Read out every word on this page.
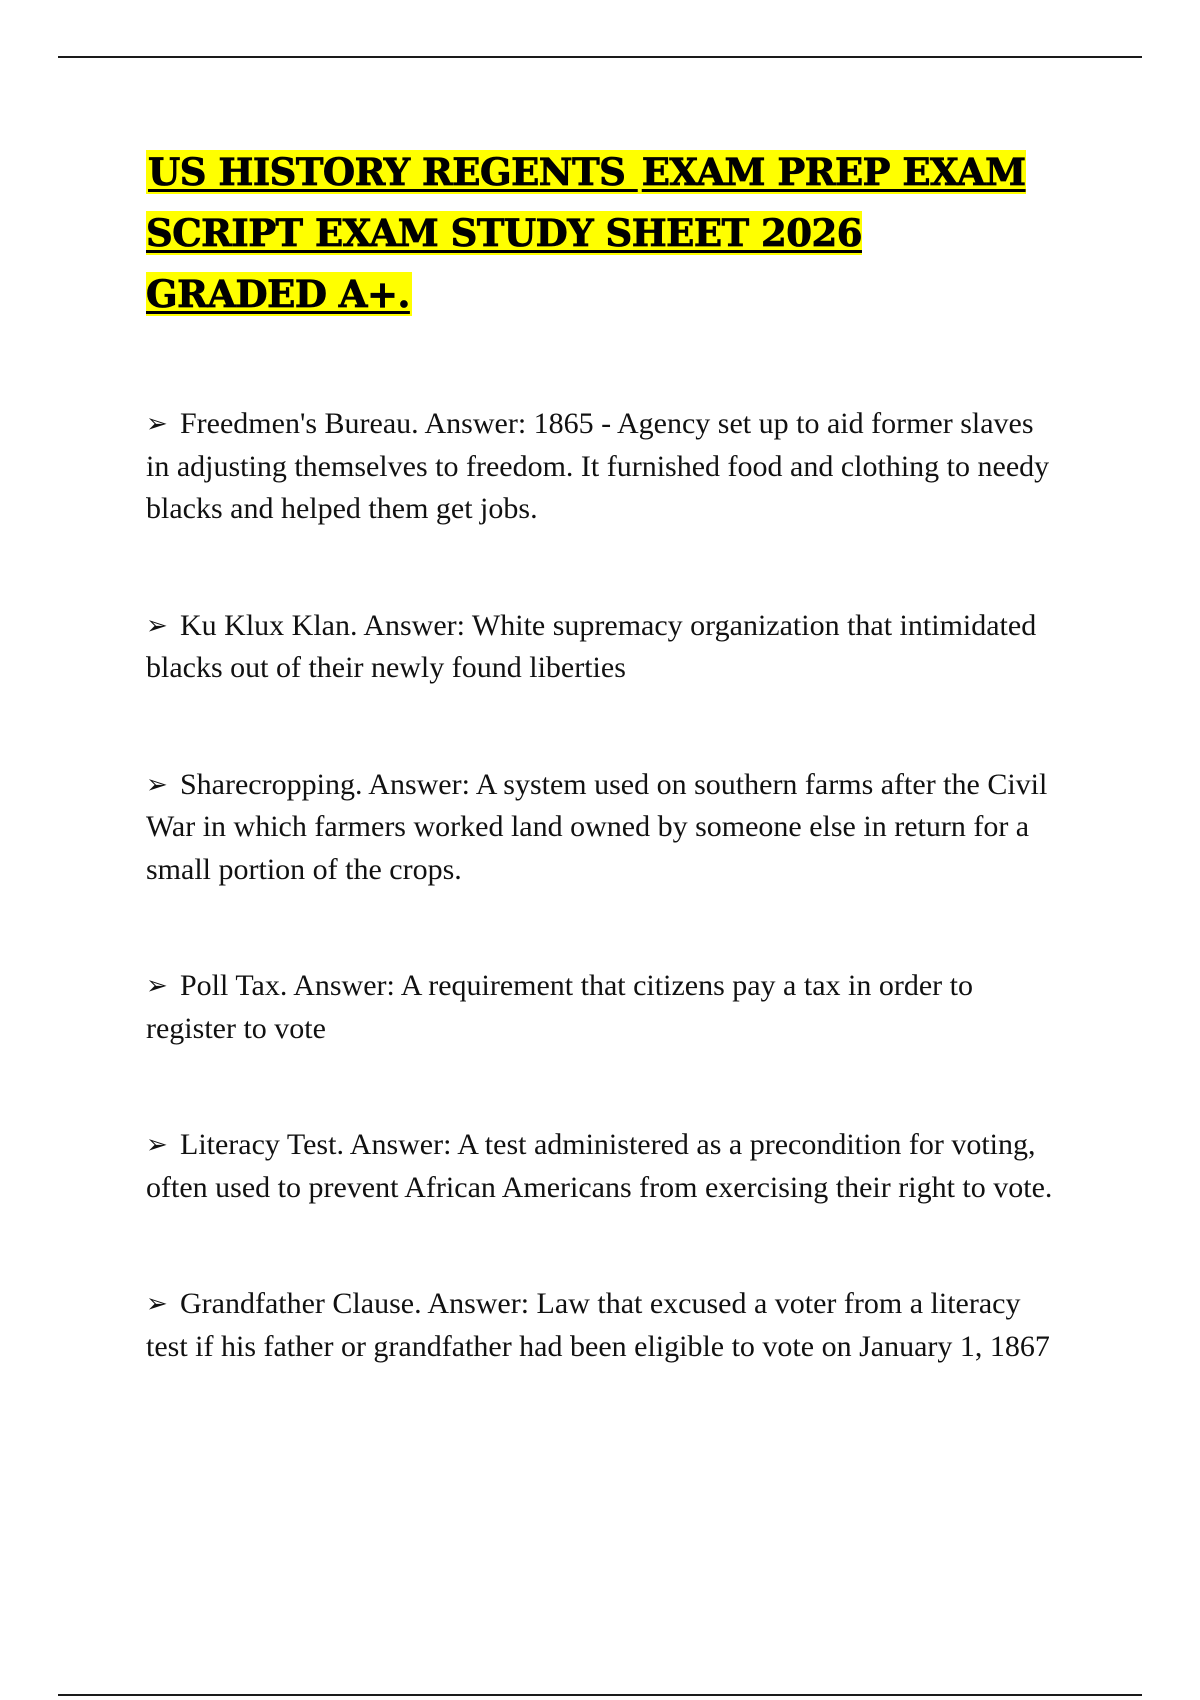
US HISTORY REGENTS EXAM PREP EXAM SCRIPT EXAM STUDY SHEET 2026 GRADED A+.
➢ Freedmen's Bureau. Answer: 1865 - Agency set up to aid former slaves in adjusting themselves to freedom. It furnished food and clothing to needy blacks and helped them get jobs.
➢ Ku Klux Klan. Answer: White supremacy organization that intimidated blacks out of their newly found liberties
➢ Sharecropping. Answer: A system used on southern farms after the Civil War in which farmers worked land owned by someone else in return for a small portion of the crops.
➢ Poll Tax. Answer: A requirement that citizens pay a tax in order to register to vote
➢ Literacy Test. Answer: A test administered as a precondition for voting, often used to prevent African Americans from exercising their right to vote.
➢ Grandfather Clause. Answer: Law that excused a voter from a literacy test if his father or grandfather had been eligible to vote on January 1, 1867
